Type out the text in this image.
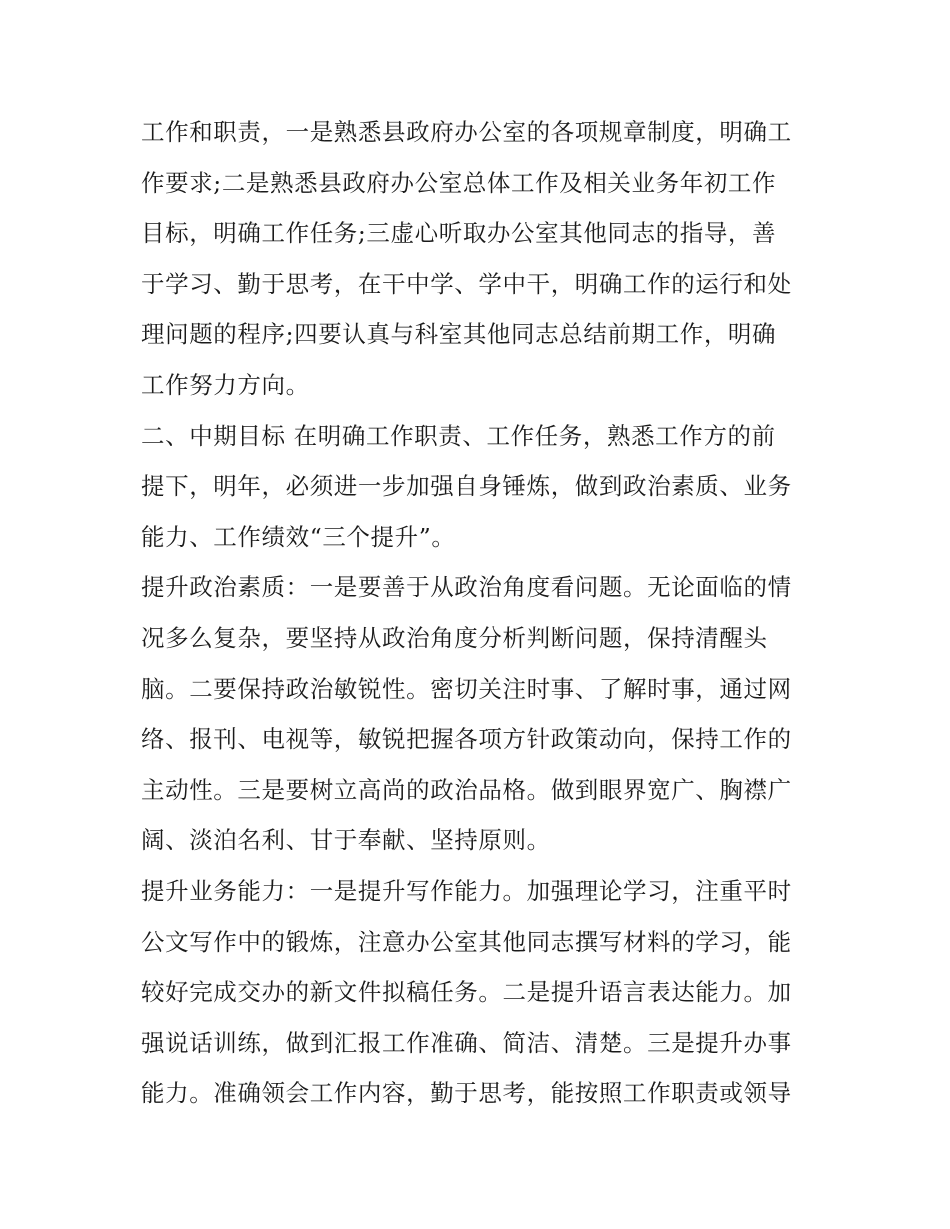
工作和职责，一是熟悉县政府办公室的各项规章制度，明确工
作要求;二是熟悉县政府办公室总体工作及相关业务年初工作
目标，明确工作任务;三虚心听取办公室其他同志的指导，善
于学习、勤于思考，在干中学、学中干，明确工作的运行和处
理问题的程序;四要认真与科室其他同志总结前期工作，明确
工作努力方向。
二、中期目标 在明确工作职责、工作任务，熟悉工作方的前
提下，明年，必须进一步加强自身锤炼，做到政治素质、业务
能力、工作绩效“三个提升”。
提升政治素质：一是要善于从政治角度看问题。无论面临的情
况多么复杂，要坚持从政治角度分析判断问题，保持清醒头
脑。二要保持政治敏锐性。密切关注时事、了解时事，通过网
络、报刊、电视等，敏锐把握各项方针政策动向，保持工作的
主动性。三是要树立高尚的政治品格。做到眼界宽广、胸襟广
阔、淡泊名利、甘于奉献、坚持原则。
提升业务能力：一是提升写作能力。加强理论学习，注重平时
公文写作中的锻炼，注意办公室其他同志撰写材料的学习，能
较好完成交办的新文件拟稿任务。二是提升语言表达能力。加
强说话训练，做到汇报工作准确、简洁、清楚。三是提升办事
能力。准确领会工作内容，勤于思考，能按照工作职责或领导
